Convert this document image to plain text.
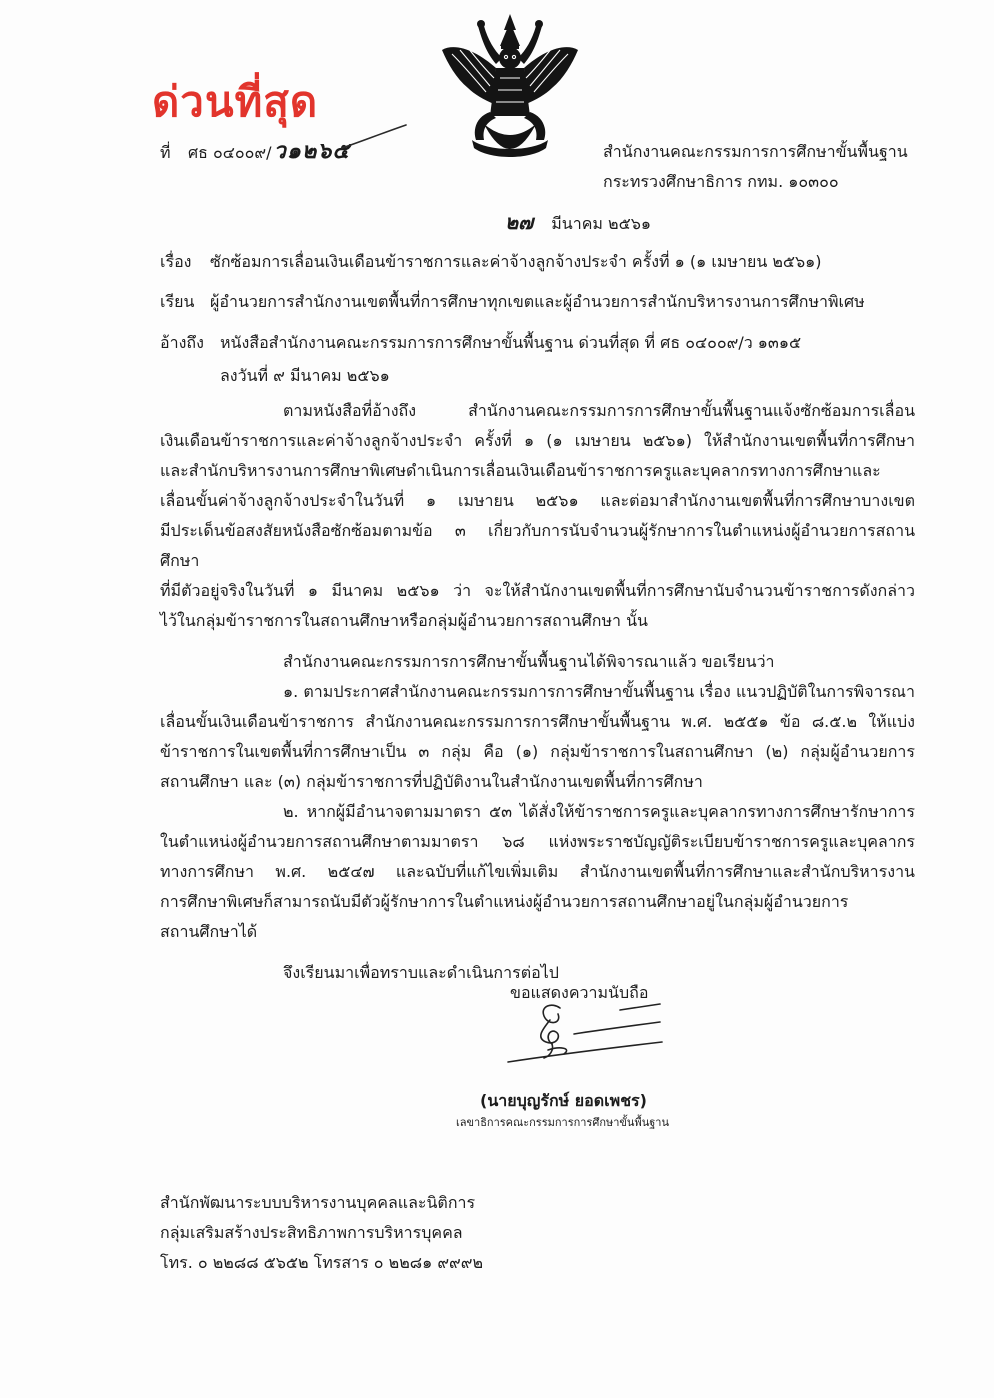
ด่วนที่สุด
ที่	ศธ ๐๔๐๐๙/ ว๑๒๖๕	สำนักงานคณะกรรมการการศึกษาขั้นพื้นฐาน
กระทรวงศึกษาธิการ กทม. ๑๐๓๐๐
๒๗ มีนาคม ๒๕๖๑
เรื่อง	ซักซ้อมการเลื่อนเงินเดือนข้าราชการและค่าจ้างลูกจ้างประจำ ครั้งที่ ๑ (๑ เมษายน ๒๕๖๑)
เรียน ผู้อำนวยการสำนักงานเขตพื้นที่การศึกษาทุกเขตและผู้อำนวยการสำนักบริหารงานการศึกษาพิเศษ
อ้างถึง	หนังสือสำนักงานคณะกรรมการการศึกษาขั้นพื้นฐาน ด่วนที่สุด ที่ ศธ ๐๔๐๐๙/ว ๑๓๑๕
ลงวันที่ ๙ มีนาคม ๒๕๖๑
ตามหนังสือที่อ้างถึง สำนักงานคณะกรรมการการศึกษาขั้นพื้นฐานแจ้งซักซ้อมการเลื่อน
เงินเดือนข้าราชการและค่าจ้างลูกจ้างประจำ ครั้งที่ ๑ (๑ เมษายน ๒๕๖๑) ให้สำนักงานเขตพื้นที่การศึกษา
และสำนักบริหารงานการศึกษาพิเศษดำเนินการเลื่อนเงินเดือนข้าราชการครูและบุคลากรทางการศึกษาและ
เลื่อนขั้นค่าจ้างลูกจ้างประจำในวันที่ ๑ เมษายน ๒๕๖๑ และต่อมาสำนักงานเขตพื้นที่การศึกษาบางเขต
มีประเด็นข้อสงสัยหนังสือซักซ้อมตามข้อ ๓ เกี่ยวกับการนับจำนวนผู้รักษาการในตำแหน่งผู้อำนวยการสถานศึกษา
ที่มีตัวอยู่จริงในวันที่ ๑ มีนาคม ๒๕๖๑ ว่า จะให้สำนักงานเขตพื้นที่การศึกษานับจำนวนข้าราชการดังกล่าว
ไว้ในกลุ่มข้าราชการในสถานศึกษาหรือกลุ่มผู้อำนวยการสถานศึกษา นั้น
สำนักงานคณะกรรมการการศึกษาขั้นพื้นฐานได้พิจารณาแล้ว ขอเรียนว่า
๑. ตามประกาศสำนักงานคณะกรรมการการศึกษาขั้นพื้นฐาน เรื่อง แนวปฏิบัติในการพิจารณา
เลื่อนขั้นเงินเดือนข้าราชการ สำนักงานคณะกรรมการการศึกษาขั้นพื้นฐาน พ.ศ. ๒๕๕๑ ข้อ ๘.๕.๒ ให้แบ่ง
ข้าราชการในเขตพื้นที่การศึกษาเป็น ๓ กลุ่ม คือ (๑) กลุ่มข้าราชการในสถานศึกษา (๒) กลุ่มผู้อำนวยการ
สถานศึกษา และ (๓) กลุ่มข้าราชการที่ปฏิบัติงานในสำนักงานเขตพื้นที่การศึกษา
๒. หากผู้มีอำนาจตามมาตรา ๕๓ ได้สั่งให้ข้าราชการครูและบุคลากรทางการศึกษารักษาการ
ในตำแหน่งผู้อำนวยการสถานศึกษาตามมาตรา ๖๘ แห่งพระราชบัญญัติระเบียบข้าราชการครูและบุคลากร
ทางการศึกษา พ.ศ. ๒๕๔๗ และฉบับที่แก้ไขเพิ่มเติม สำนักงานเขตพื้นที่การศึกษาและสำนักบริหารงาน
การศึกษาพิเศษก็สามารถนับมีตัวผู้รักษาการในตำแหน่งผู้อำนวยการสถานศึกษาอยู่ในกลุ่มผู้อำนวยการ
สถานศึกษาได้
จึงเรียนมาเพื่อทราบและดำเนินการต่อไป
ขอแสดงความนับถือ
(นายบุญรักษ์ ยอดเพชร)
เลขาธิการคณะกรรมการการศึกษาขั้นพื้นฐาน
สำนักพัฒนาระบบบริหารงานบุคคลและนิติการ
กลุ่มเสริมสร้างประสิทธิภาพการบริหารบุคคล
โทร. ๐ ๒๒๘๘ ๕๖๕๒ โทรสาร ๐ ๒๒๘๑ ๙๙๙๒
